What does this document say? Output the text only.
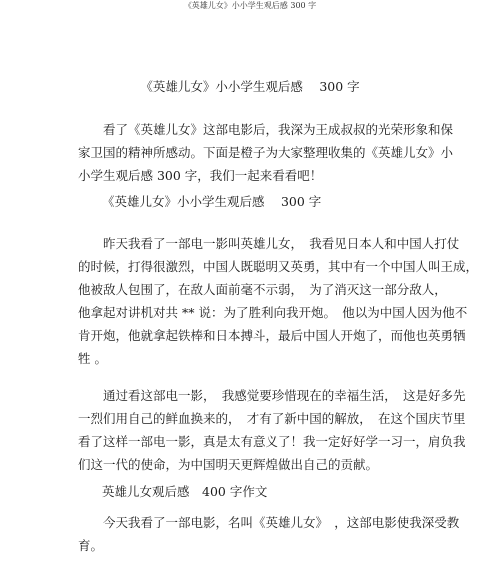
《英雄儿女》小小学生观后感 300 字
《英雄儿女》小小学生观后感　 300 字
　　看了《英雄儿女》这部电影后，我深为王成叔叔的光荣形象和保
家卫国的精神所感动。下面是橙子为大家整理收集的《英雄儿女》小
小学生观后感 300 字，我们一起来看看吧！
《英雄儿女》小小学生观后感　 300 字
　　昨天我看了一部电一影叫英雄儿女，　我看见日本人和中国人打仗
的时候，打得很激烈，中国人既聪明又英勇，其中有一个中国人叫王成，
他被敌人包围了，在敌人面前毫不示弱，　为了消灭这一部分敌人，
他拿起对讲机对共 ** 说：为了胜利向我开炮。　他以为中国人因为他不
肯开炮，他就拿起铁棒和日本搏斗，最后中国人开炮了，而他也英勇牺
牲 。
　　通过看这部电一影，　我感觉要珍惜现在的幸福生活，　这是好多先
一烈们用自己的鲜血换来的，　才有了新中国的解放，　在这个国庆节里
看了这样一部电一影，真是太有意义了！我一定好好学一习一，肩负我
们这一代的使命，为中国明天更辉煌做出自己的贡献。
英雄儿女观后感　400 字作文
　　今天我看了一部电影，名叫《英雄儿女》　，这部电影使我深受教
育。
